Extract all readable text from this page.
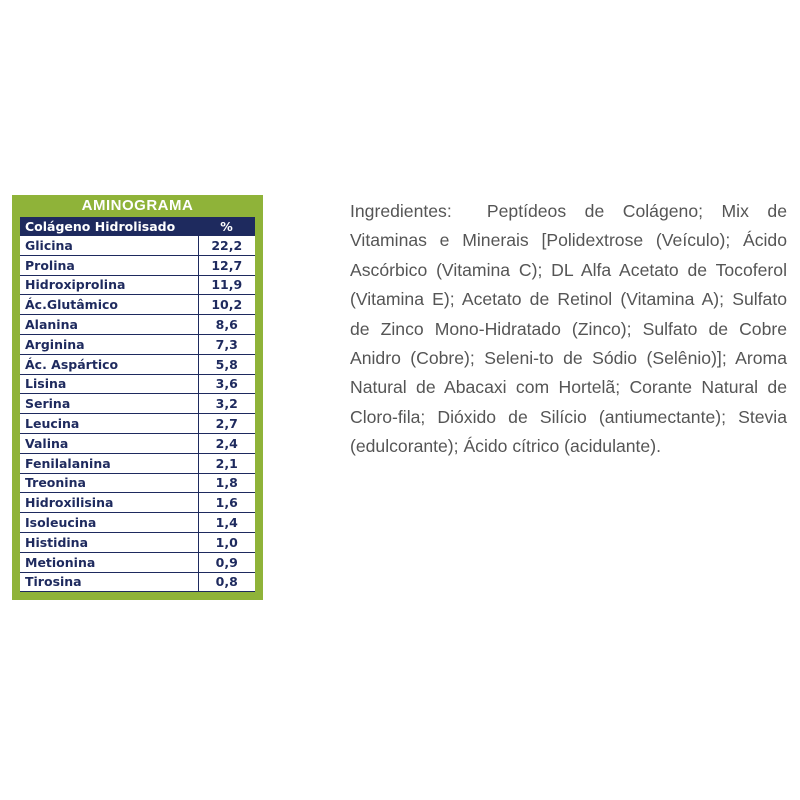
AMINOGRAMA
Colágeno Hidrolisado	%
Glicina	22,2
Prolina	12,7
Hidroxiprolina	11,9
Ác.Glutâmico	10,2
Alanina	8,6
Arginina	7,3
Ác. Aspártico	5,8
Lisina	3,6
Serina	3,2
Leucina	2,7
Valina	2,4
Fenilalanina	2,1
Treonina	1,8
Hidroxilisina	1,6
Isoleucina	1,4
Histidina	1,0
Metionina	0,9
Tirosina	0,8

Ingredientes:  Peptídeos de Colágeno; Mix de Vitaminas e Minerais [Polidextrose (Veículo); Ácido Ascórbico (Vitamina C); DL Alfa Acetato de Tocoferol (Vitamina E); Acetato de Retinol (Vitamina A); Sulfato de Zinco Mono-Hidratado (Zinco); Sulfato de Cobre Anidro (Cobre); Seleni-to de Sódio (Selênio)]; Aroma Natural de Abacaxi com Hortelã; Corante Natural de Cloro-fila; Dióxido de Silício (antiumectante); Stevia (edulcorante); Ácido cítrico (acidulante).
